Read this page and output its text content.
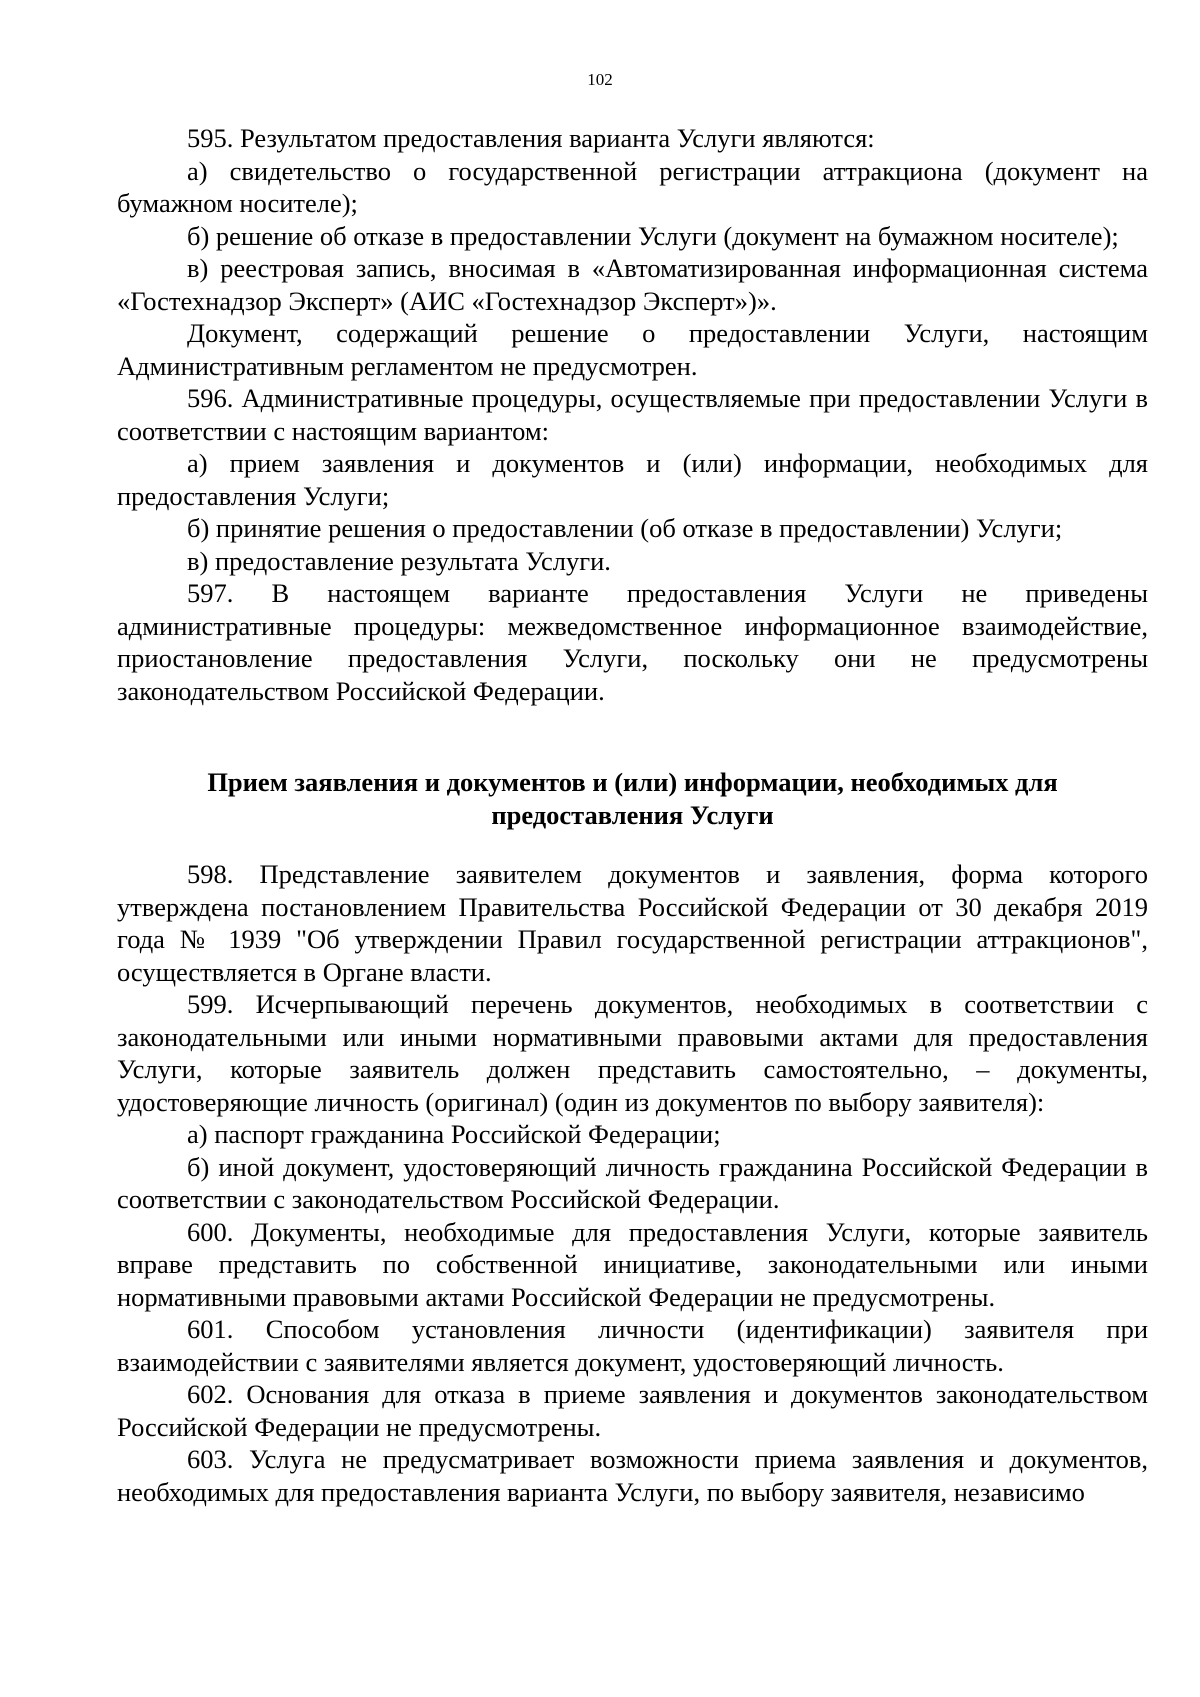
102

595. Результатом предоставления варианта Услуги являются:

а) свидетельство о государственной регистрации аттракциона (документ на бумажном носителе);

б) решение об отказе в предоставлении Услуги (документ на бумажном носителе);

в) реестровая запись, вносимая в «Автоматизированная информационная система «Гостехнадзор Эксперт» (АИС «Гостехнадзор Эксперт»)».

Документ, содержащий решение о предоставлении Услуги, настоящим Административным регламентом не предусмотрен.

596. Административные процедуры, осуществляемые при предоставлении Услуги в соответствии с настоящим вариантом:

а) прием заявления и документов и (или) информации, необходимых для предоставления Услуги;

б) принятие решения о предоставлении (об отказе в предоставлении) Услуги;

в) предоставление результата Услуги.

597. В настоящем варианте предоставления Услуги не приведены административные процедуры: межведомственное информационное взаимодействие, приостановление предоставления Услуги, поскольку они не предусмотрены законодательством Российской Федерации.

Прием заявления и документов и (или) информации, необходимых для предоставления Услуги

598. Представление заявителем документов и заявления, форма которого утверждена постановлением Правительства Российской Федерации от 30 декабря 2019 года № 1939 "Об утверждении Правил государственной регистрации аттракционов", осуществляется в Органе власти.

599. Исчерпывающий перечень документов, необходимых в соответствии с законодательными или иными нормативными правовыми актами для предоставления Услуги, которые заявитель должен представить самостоятельно, – документы, удостоверяющие личность (оригинал) (один из документов по выбору заявителя):

а) паспорт гражданина Российской Федерации;

б) иной документ, удостоверяющий личность гражданина Российской Федерации в соответствии с законодательством Российской Федерации.

600. Документы, необходимые для предоставления Услуги, которые заявитель вправе представить по собственной инициативе, законодательными или иными нормативными правовыми актами Российской Федерации не предусмотрены.

601. Способом установления личности (идентификации) заявителя при взаимодействии с заявителями является документ, удостоверяющий личность.

602. Основания для отказа в приеме заявления и документов законодательством Российской Федерации не предусмотрены.

603. Услуга не предусматривает возможности приема заявления и документов, необходимых для предоставления варианта Услуги, по выбору заявителя, независимо
